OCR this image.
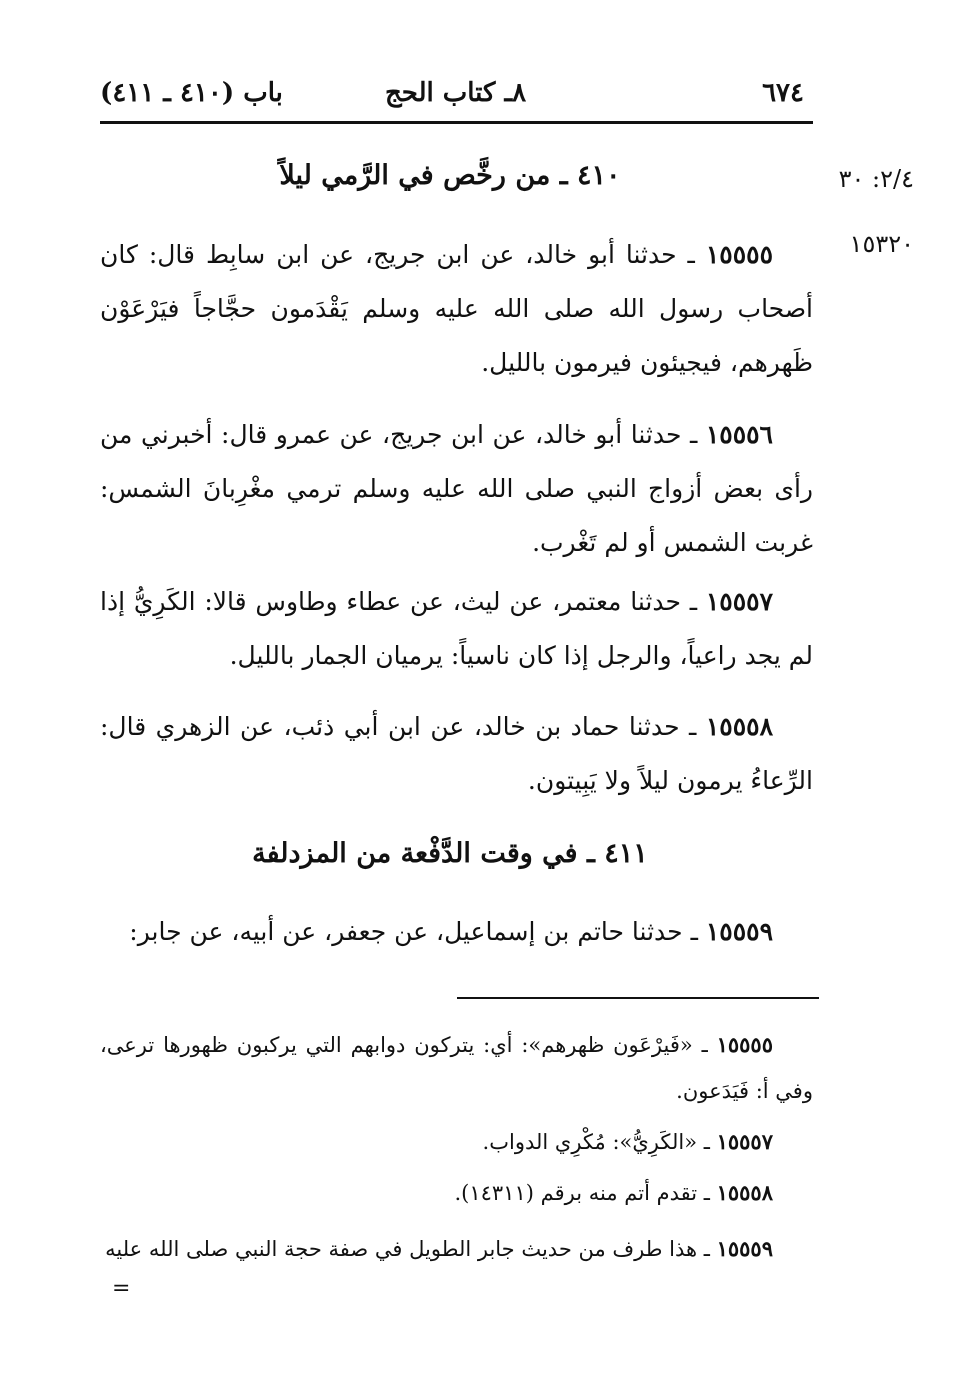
٦٧٤
٨ـ كتاب الحج
باب (٤١٠ ـ ٤١١)
٢/٤: ٣٠
١٥٣٢٠
٤١٠ ـ من رخَّص في الرَّمي ليلاً
١٥٥٥٥ ـ حدثنا أبو خالد، عن ابن جريج، عن ابن سابِط قال: كان أصحاب رسول الله صلى الله عليه وسلم يَقْدَمون حجَّاجاً فيَرْعَوْن ظَهرهم، فيجيئون فيرمون بالليل.
١٥٥٥٦ ـ حدثنا أبو خالد، عن ابن جريج، عن عمرو قال: أخبرني من رأى بعض أزواج النبي صلى الله عليه وسلم ترمي مغْرِبانَ الشمس: غربت الشمس أو لم تَغْرب.
١٥٥٥٧ ـ حدثنا معتمر، عن ليث، عن عطاء وطاوس قالا: الكَرِيُّ إذا لم يجد راعياً، والرجل إذا كان ناسياً: يرميان الجمار بالليل.
١٥٥٥٨ ـ حدثنا حماد بن خالد، عن ابن أبي ذئب، عن الزهري قال: الرِّعاءُ يرمون ليلاً ولا يَبِيتون.
٤١١ ـ في وقت الدَّفْعة من المزدلفة
١٥٥٥٩ ـ حدثنا حاتم بن إسماعيل، عن جعفر، عن أبيه، عن جابر:
١٥٥٥٥ ـ «فَيرْعَون ظهرهم»: أي: يتركون دوابهم التي يركبون ظهورها ترعى، وفي أ: فَيَدَعون.
١٥٥٥٧ ـ «الكَرِيُّ»: مُكْرِي الدواب.
١٥٥٥٨ ـ تقدم أتم منه برقم (١٤٣١١).
١٥٥٥٩ ـ هذا طرف من حديث جابر الطويل في صفة حجة النبي صلى الله عليه
=
